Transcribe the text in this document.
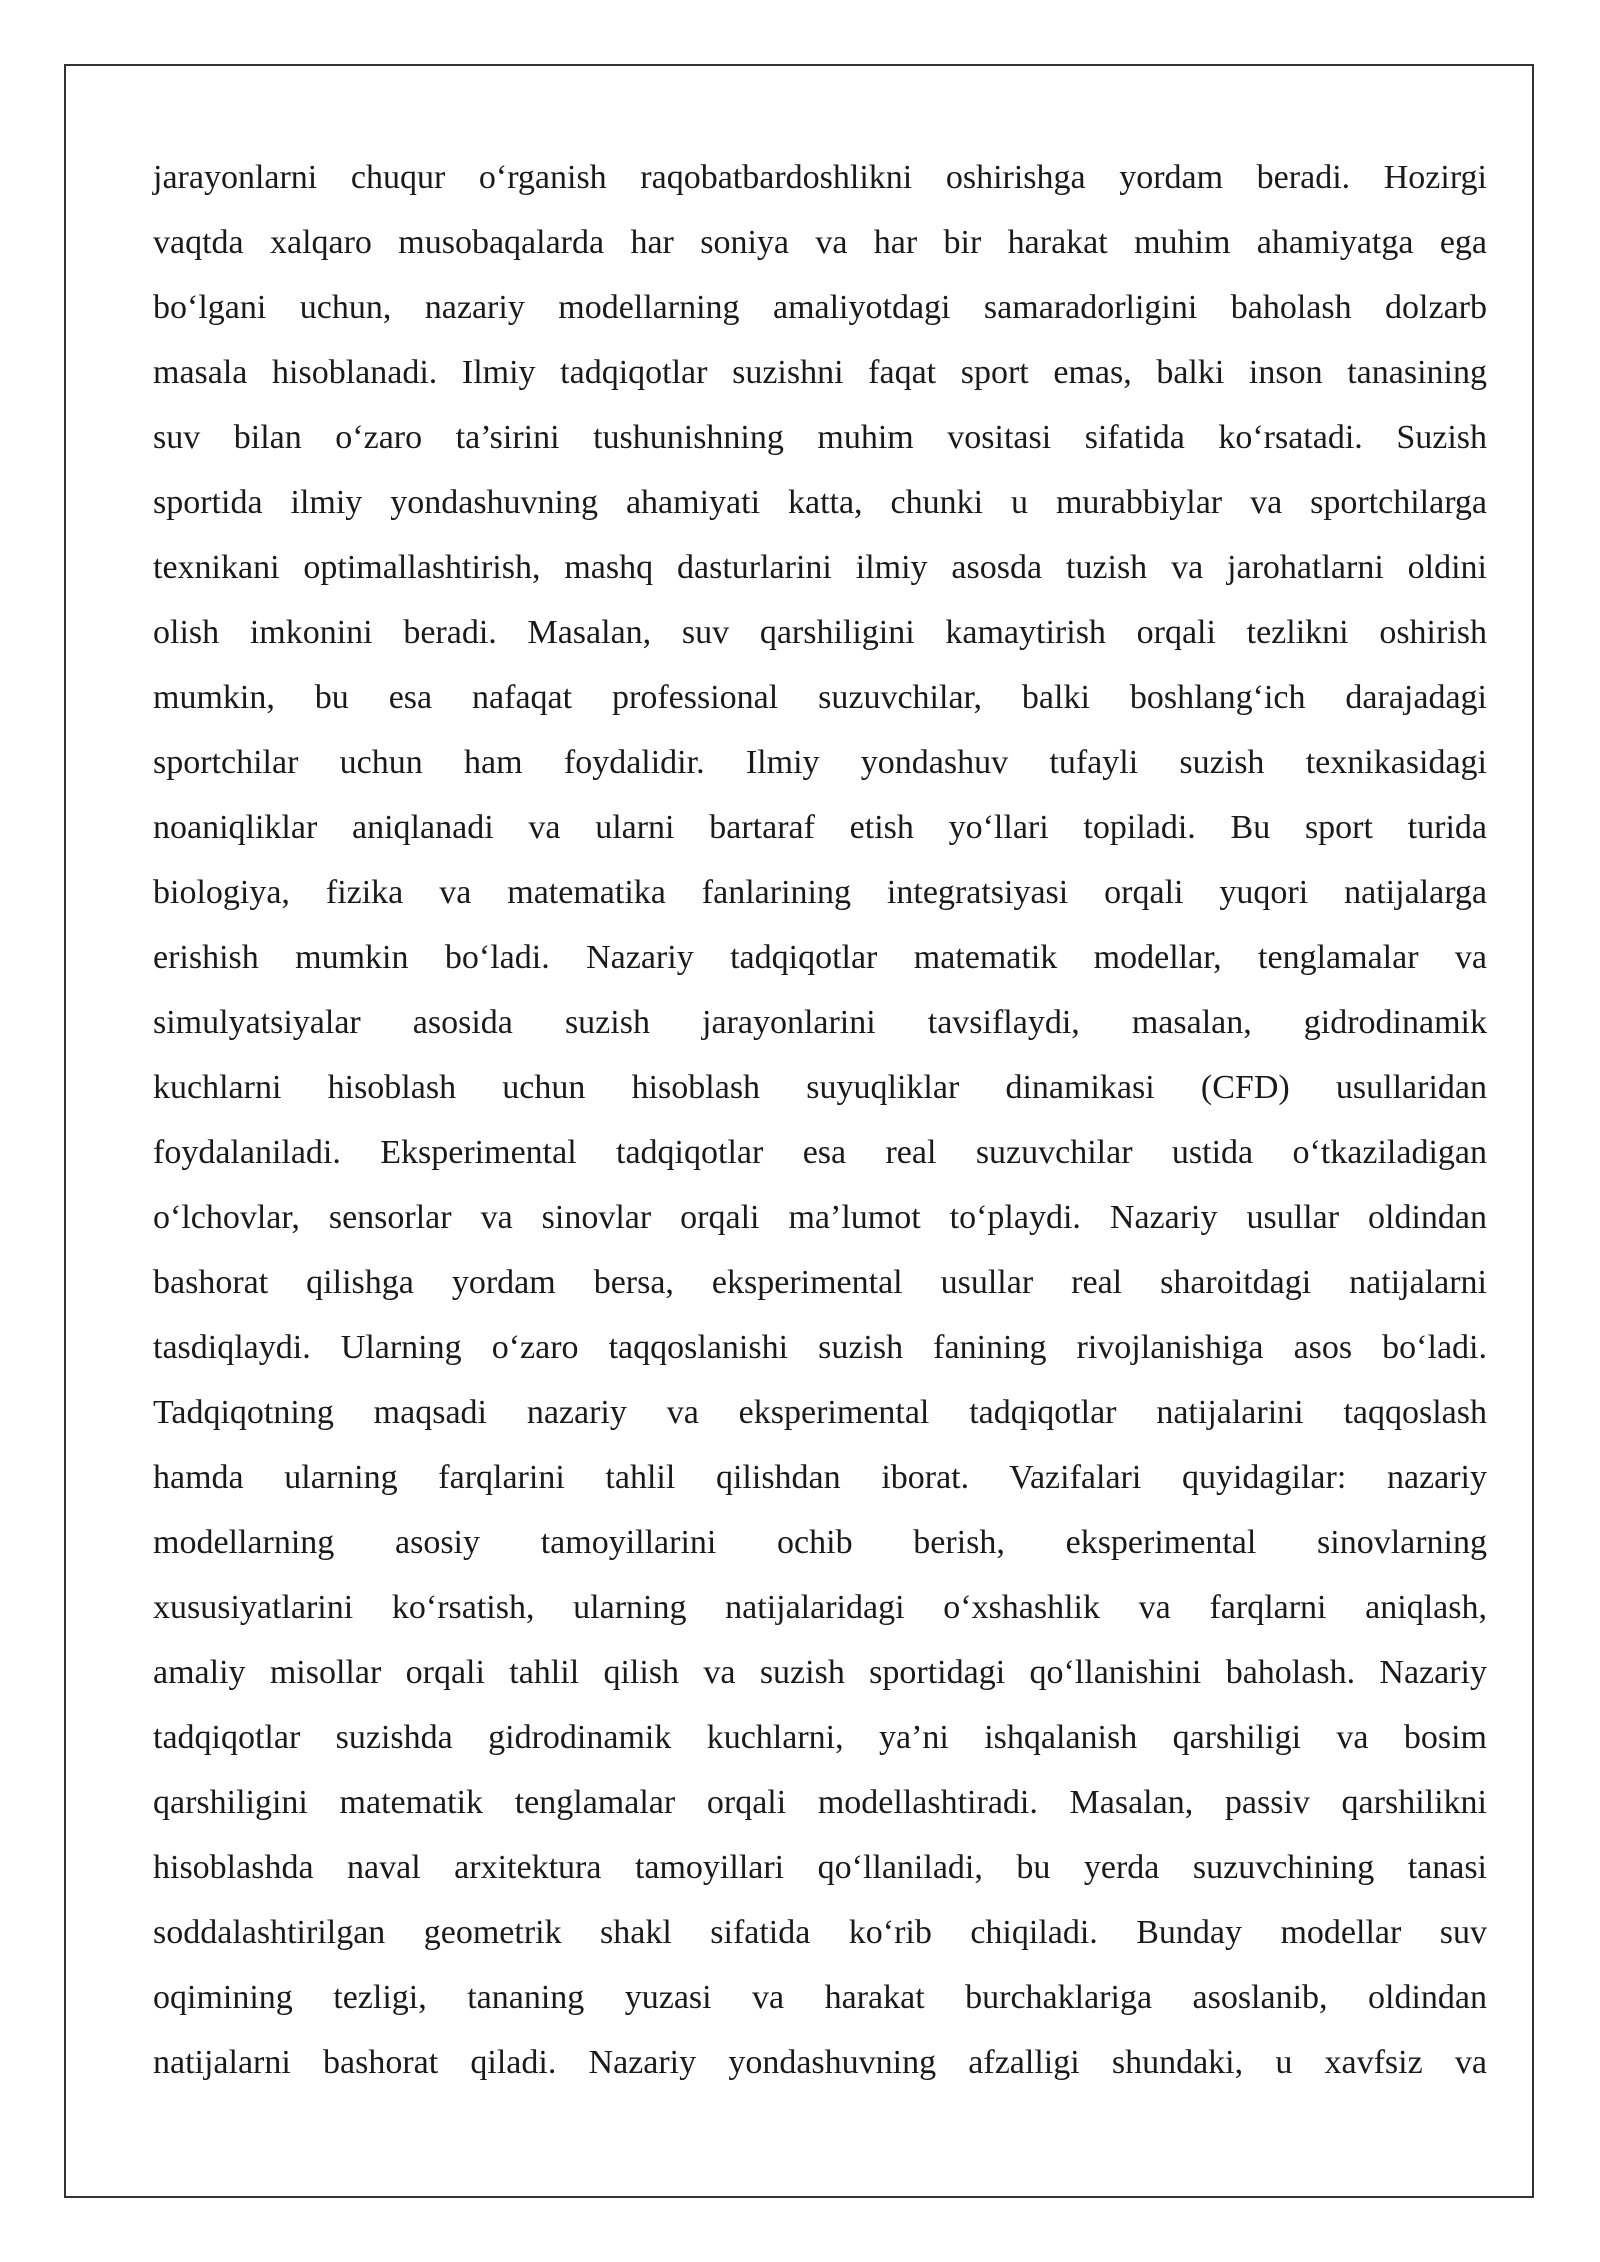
jarayonlarni chuqur o‘rganish raqobatbardoshlikni oshirishga yordam beradi. Hozirgi
vaqtda xalqaro musobaqalarda har soniya va har bir harakat muhim ahamiyatga ega
bo‘lgani uchun, nazariy modellarning amaliyotdagi samaradorligini baholash dolzarb
masala hisoblanadi. Ilmiy tadqiqotlar suzishni faqat sport emas, balki inson tanasining
suv bilan o‘zaro ta’sirini tushunishning muhim vositasi sifatida ko‘rsatadi. Suzish
sportida ilmiy yondashuvning ahamiyati katta, chunki u murabbiylar va sportchilarga
texnikani optimallashtirish, mashq dasturlarini ilmiy asosda tuzish va jarohatlarni oldini
olish imkonini beradi. Masalan, suv qarshiligini kamaytirish orqali tezlikni oshirish
mumkin, bu esa nafaqat professional suzuvchilar, balki boshlang‘ich darajadagi
sportchilar uchun ham foydalidir. Ilmiy yondashuv tufayli suzish texnikasidagi
noaniqliklar aniqlanadi va ularni bartaraf etish yo‘llari topiladi. Bu sport turida
biologiya, fizika va matematika fanlarining integratsiyasi orqali yuqori natijalarga
erishish mumkin bo‘ladi. Nazariy tadqiqotlar matematik modellar, tenglamalar va
simulyatsiyalar asosida suzish jarayonlarini tavsiflaydi, masalan, gidrodinamik
kuchlarni hisoblash uchun hisoblash suyuqliklar dinamikasi (CFD) usullaridan
foydalaniladi. Eksperimental tadqiqotlar esa real suzuvchilar ustida o‘tkaziladigan
o‘lchovlar, sensorlar va sinovlar orqali ma’lumot to‘playdi. Nazariy usullar oldindan
bashorat qilishga yordam bersa, eksperimental usullar real sharoitdagi natijalarni
tasdiqlaydi. Ularning o‘zaro taqqoslanishi suzish fanining rivojlanishiga asos bo‘ladi.
Tadqiqotning maqsadi nazariy va eksperimental tadqiqotlar natijalarini taqqoslash
hamda ularning farqlarini tahlil qilishdan iborat. Vazifalari quyidagilar: nazariy
modellarning asosiy tamoyillarini ochib berish, eksperimental sinovlarning
xususiyatlarini ko‘rsatish, ularning natijalaridagi o‘xshashlik va farqlarni aniqlash,
amaliy misollar orqali tahlil qilish va suzish sportidagi qo‘llanishini baholash. Nazariy
tadqiqotlar suzishda gidrodinamik kuchlarni, ya’ni ishqalanish qarshiligi va bosim
qarshiligini matematik tenglamalar orqali modellashtiradi. Masalan, passiv qarshilikni
hisoblashda naval arxitektura tamoyillari qo‘llaniladi, bu yerda suzuvchining tanasi
soddalashtirilgan geometrik shakl sifatida ko‘rib chiqiladi. Bunday modellar suv
oqimining tezligi, tananing yuzasi va harakat burchaklariga asoslanib, oldindan
natijalarni bashorat qiladi. Nazariy yondashuvning afzalligi shundaki, u xavfsiz va
